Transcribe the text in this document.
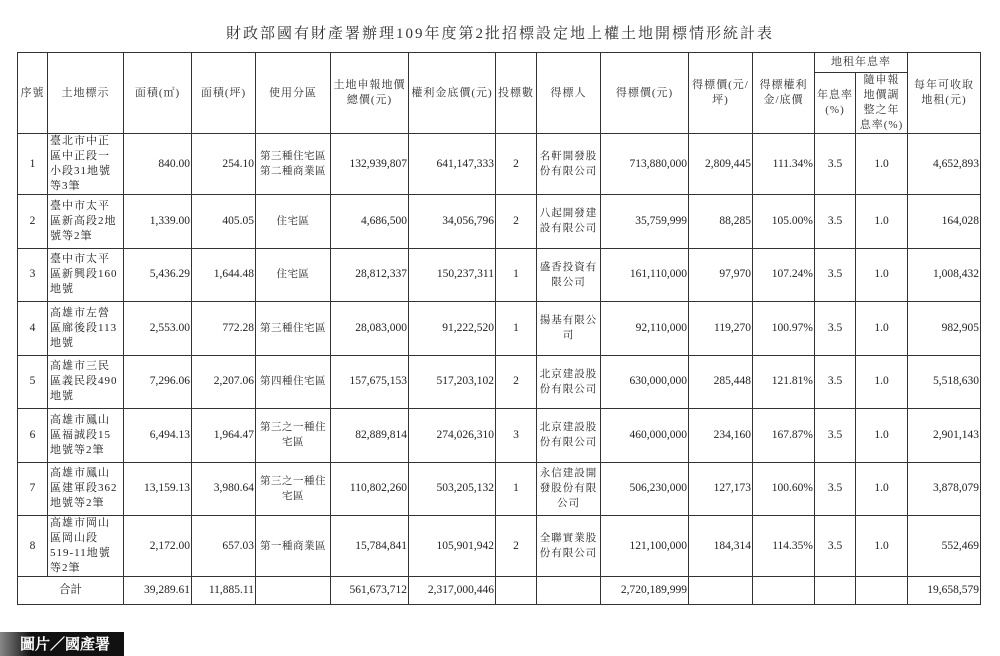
財政部國有財產署辦理109年度第2批招標設定地上權土地開標情形統計表
序號	土地標示	面積(㎡)	面積(坪)	使用分區	土地申報地價總價(元)	權利金底價(元)	投標數	得標人	得標價(元)	得標價(元/坪)	得標權利金/底價	地租年息率		每年可收取地租(元)
												年息率(%)	隨申報地價調整之年息率(%)	
1	臺北市中正區中正段一小段31地號等3筆	840.00	254.10	第三種住宅區第二種商業區	132,939,807	641,147,333	2	名軒開發股份有限公司	713,880,000	2,809,445	111.34%	3.5	1.0	4,652,893
2	臺中市太平區新高段2地號等2筆	1,339.00	405.05	住宅區	4,686,500	34,056,796	2	八起開發建設有限公司	35,759,999	88,285	105.00%	3.5	1.0	164,028
3	臺中市太平區新興段160地號	5,436.29	1,644.48	住宅區	28,812,337	150,237,311	1	盛香投資有限公司	161,110,000	97,970	107.24%	3.5	1.0	1,008,432
4	高雄市左營區廍後段113地號	2,553.00	772.28	第三種住宅區	28,083,000	91,222,520	1	揚基有限公司	92,110,000	119,270	100.97%	3.5	1.0	982,905
5	高雄市三民區義民段490地號	7,296.06	2,207.06	第四種住宅區	157,675,153	517,203,102	2	北京建設股份有限公司	630,000,000	285,448	121.81%	3.5	1.0	5,518,630
6	高雄市鳳山區福誠段15地號等2筆	6,494.13	1,964.47	第三之一種住宅區	82,889,814	274,026,310	3	北京建設股份有限公司	460,000,000	234,160	167.87%	3.5	1.0	2,901,143
7	高雄市鳳山區建軍段362地號等2筆	13,159.13	3,980.64	第三之一種住宅區	110,802,260	503,205,132	1	永信建設開發股份有限公司	506,230,000	127,173	100.60%	3.5	1.0	3,878,079
8	高雄市岡山區岡山段519-11地號等2筆	2,172.00	657.03	第一種商業區	15,784,841	105,901,942	2	全聯實業股份有限公司	121,100,000	184,314	114.35%	3.5	1.0	552,469
合計		39,289.61	11,885.11		561,673,712	2,317,000,446			2,720,189,999					19,658,579
圖片／國產署
